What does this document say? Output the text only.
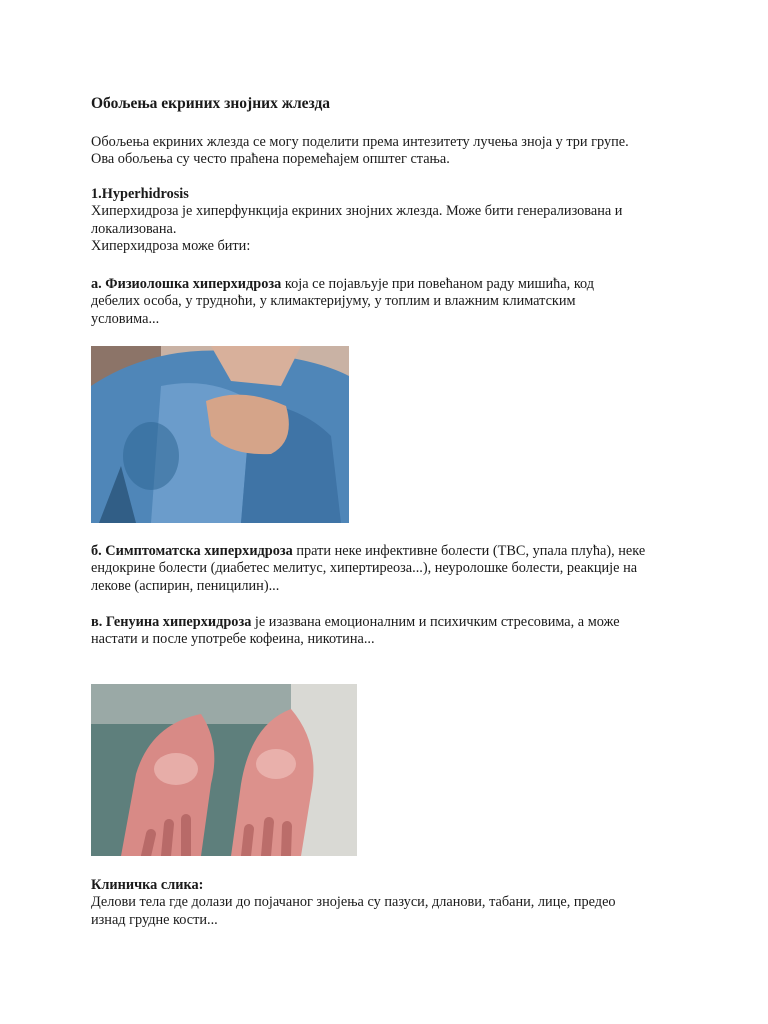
Обољења екриних знојних жлезда

Обољења екриних жлезда се могу поделити према интезитету лучења зноја у три групе.

Ова обољења су често праћена поремећајем општег стања.

1.Hyperhidrosis

Хиперхидроза је хиперфункција екриних знојних жлезда. Може бити генерализована и

локализована.

Хиперхидроза може бити:

а. Физиолошка хиперхидроза која се појављује при повећаном раду мишића, код

дебелих особа, у трудноћи, у климактеријуму, у топлим и влажним климатским

условима...

б. Симптоматска хиперхидроза прати неке инфективне болести (ТВС, упала плућа), неке

ендокрине болести (диабетес мелитус, хипертиреоза...), неуролошке болести, реакције на

лекове (аспирин, пеницилин)...

в. Генуина хиперхидроза је изазвана емоционалним и психичким стресовима, а може

настати и после употребе кофеина, никотина...

Клиничка слика:

Делови тела где долази до појачаног знојења су пазуси, дланови, табани, лице, предео

изнад грудне кости...
